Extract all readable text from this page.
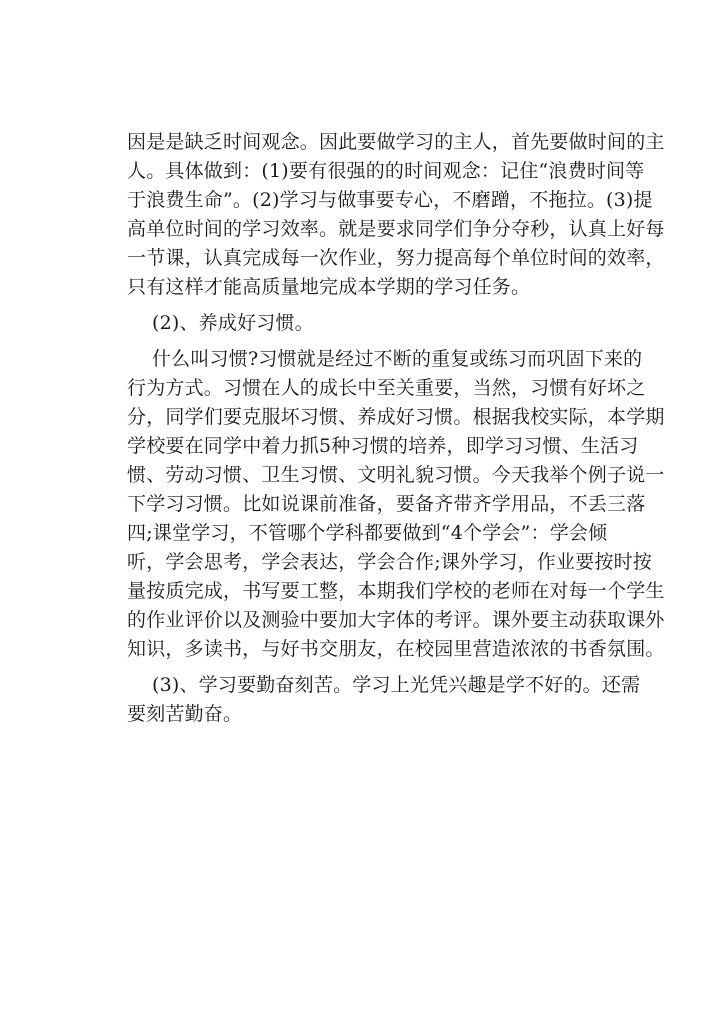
因是是缺乏时间观念。因此要做学习的主人，首先要做时间的主
人。具体做到：(1)要有很强的的时间观念：记住“浪费时间等
于浪费生命”。(2)学习与做事要专心，不磨蹭，不拖拉。(3)提
高单位时间的学习效率。就是要求同学们争分夺秒，认真上好每
一节课，认真完成每一次作业，努力提高每个单位时间的效率，
只有这样才能高质量地完成本学期的学习任务。
(2)、养成好习惯。
什么叫习惯?习惯就是经过不断的重复或练习而巩固下来的
行为方式。习惯在人的成长中至关重要，当然，习惯有好坏之
分，同学们要克服坏习惯、养成好习惯。根据我校实际，本学期
学校要在同学中着力抓5种习惯的培养，即学习习惯、生活习
惯、劳动习惯、卫生习惯、文明礼貌习惯。今天我举个例子说一
下学习习惯。比如说课前准备，要备齐带齐学用品，不丢三落
四;课堂学习，不管哪个学科都要做到“4个学会”：学会倾
听，学会思考，学会表达，学会合作;课外学习，作业要按时按
量按质完成，书写要工整，本期我们学校的老师在对每一个学生
的作业评价以及测验中要加大字体的考评。课外要主动获取课外
知识，多读书，与好书交朋友，在校园里营造浓浓的书香氛围。
(3)、学习要勤奋刻苦。学习上光凭兴趣是学不好的。还需
要刻苦勤奋。
